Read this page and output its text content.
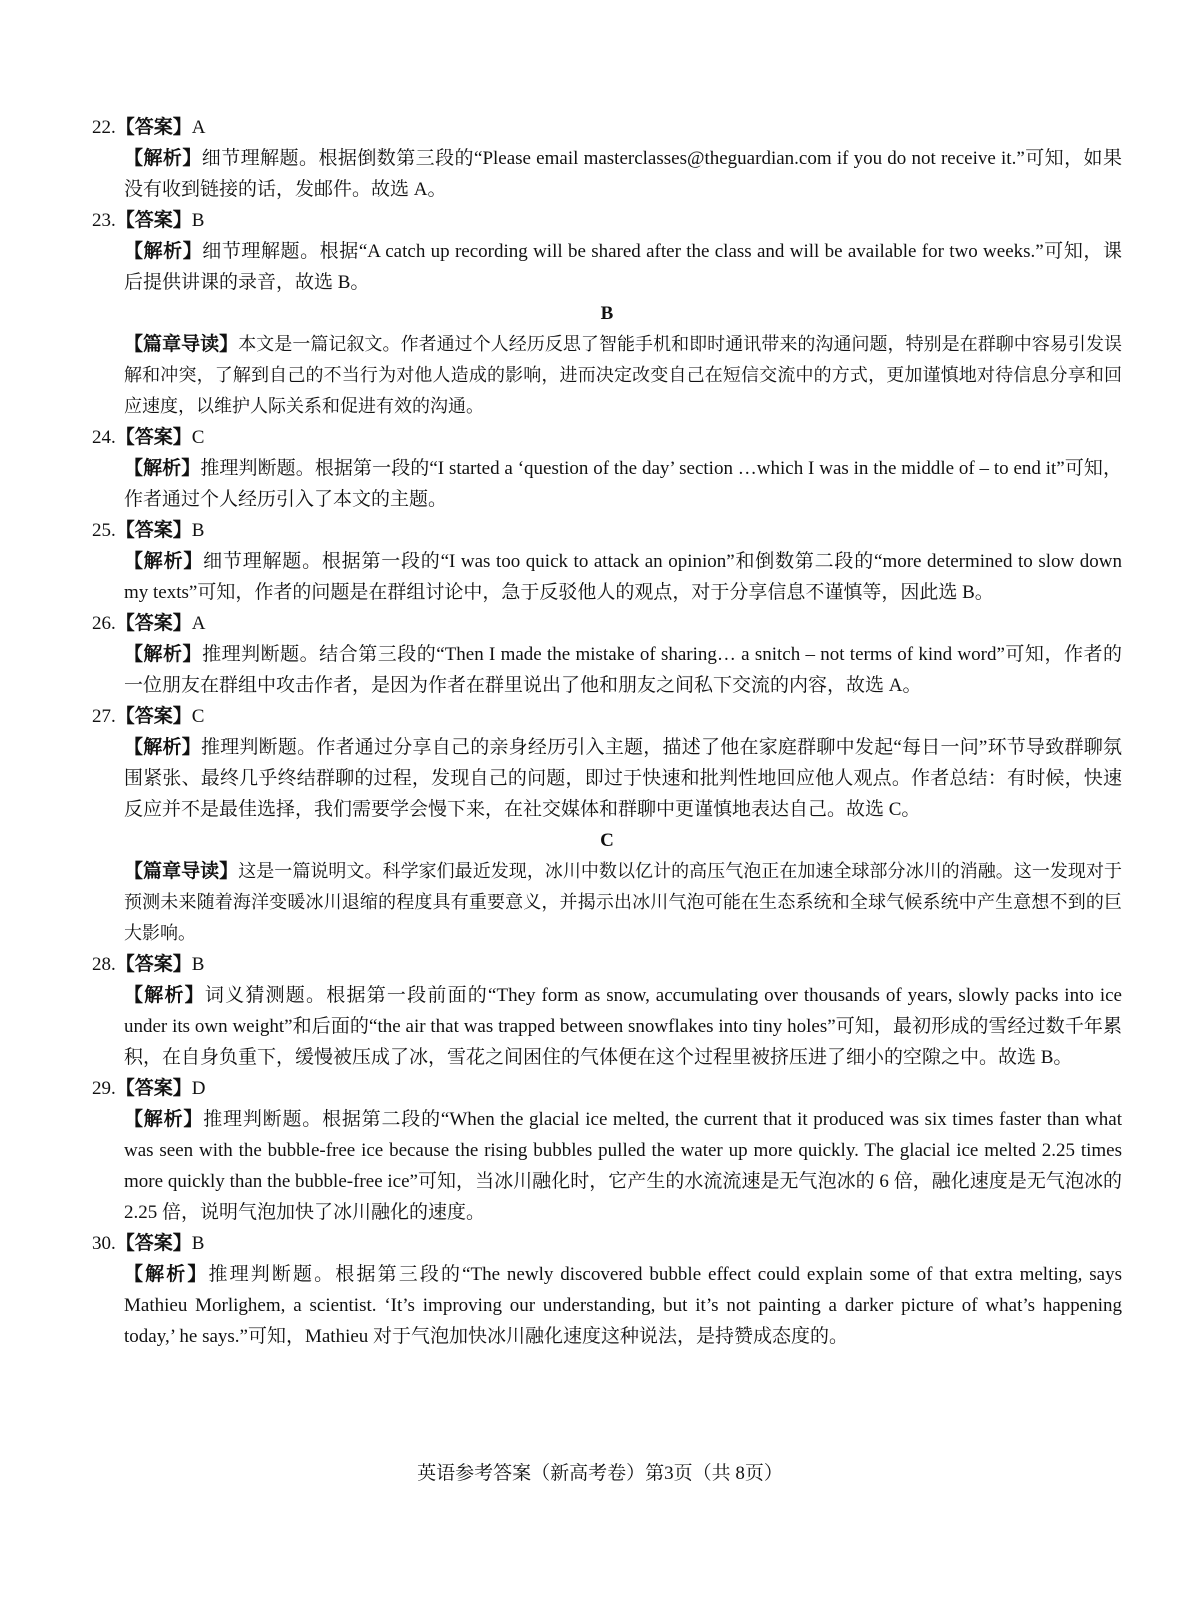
22.【答案】A
【解析】细节理解题。根据倒数第三段的“Please email masterclasses@theguardian.com if you do not receive it.”可知，如果没有收到链接的话，发邮件。故选 A。
23.【答案】B
【解析】细节理解题。根据“A catch up recording will be shared after the class and will be available for two weeks.”可知，课后提供讲课的录音，故选 B。
B
【篇章导读】本文是一篇记叙文。作者通过个人经历反思了智能手机和即时通讯带来的沟通问题，特别是在群聊中容易引发误解和冲突，了解到自己的不当行为对他人造成的影响，进而决定改变自己在短信交流中的方式，更加谨慎地对待信息分享和回应速度，以维护人际关系和促进有效的沟通。
24.【答案】C
【解析】推理判断题。根据第一段的“I started a ‘question of the day’ section …which I was in the middle of – to end it”可知，作者通过个人经历引入了本文的主题。
25.【答案】B
【解析】细节理解题。根据第一段的“I was too quick to attack an opinion”和倒数第二段的“more determined to slow down my texts”可知，作者的问题是在群组讨论中，急于反驳他人的观点，对于分享信息不谨慎等，因此选 B。
26.【答案】A
【解析】推理判断题。结合第三段的“Then I made the mistake of sharing… a snitch – not terms of kind word”可知，作者的一位朋友在群组中攻击作者，是因为作者在群里说出了他和朋友之间私下交流的内容，故选 A。
27.【答案】C
【解析】推理判断题。作者通过分享自己的亲身经历引入主题，描述了他在家庭群聊中发起“每日一问”环节导致群聊氛围紧张、最终几乎终结群聊的过程，发现自己的问题，即过于快速和批判性地回应他人观点。作者总结：有时候，快速反应并不是最佳选择，我们需要学会慢下来，在社交媒体和群聊中更谨慎地表达自己。故选 C。
C
【篇章导读】这是一篇说明文。科学家们最近发现，冰川中数以亿计的高压气泡正在加速全球部分冰川的消融。这一发现对于预测未来随着海洋变暖冰川退缩的程度具有重要意义，并揭示出冰川气泡可能在生态系统和全球气候系统中产生意想不到的巨大影响。
28.【答案】B
【解析】词义猜测题。根据第一段前面的“They form as snow, accumulating over thousands of years, slowly packs into ice under its own weight”和后面的“the air that was trapped between snowflakes into tiny holes”可知，最初形成的雪经过数千年累积，在自身负重下，缓慢被压成了冰，雪花之间困住的气体便在这个过程里被挤压进了细小的空隙之中。故选 B。
29.【答案】D
【解析】推理判断题。根据第二段的“When the glacial ice melted, the current that it produced was six times faster than what was seen with the bubble-free ice because the rising bubbles pulled the water up more quickly. The glacial ice melted 2.25 times more quickly than the bubble-free ice”可知，当冰川融化时，它产生的水流流速是无气泡冰的 6 倍，融化速度是无气泡冰的 2.25 倍，说明气泡加快了冰川融化的速度。
30.【答案】B
【解析】推理判断题。根据第三段的“The newly discovered bubble effect could explain some of that extra melting, says Mathieu Morlighem, a scientist. ‘It’s improving our understanding, but it’s not painting a darker picture of what’s happening today,’ he says.”可知，Mathieu 对于气泡加快冰川融化速度这种说法，是持赞成态度的。
英语参考答案（新高考卷）第3页（共 8页）
